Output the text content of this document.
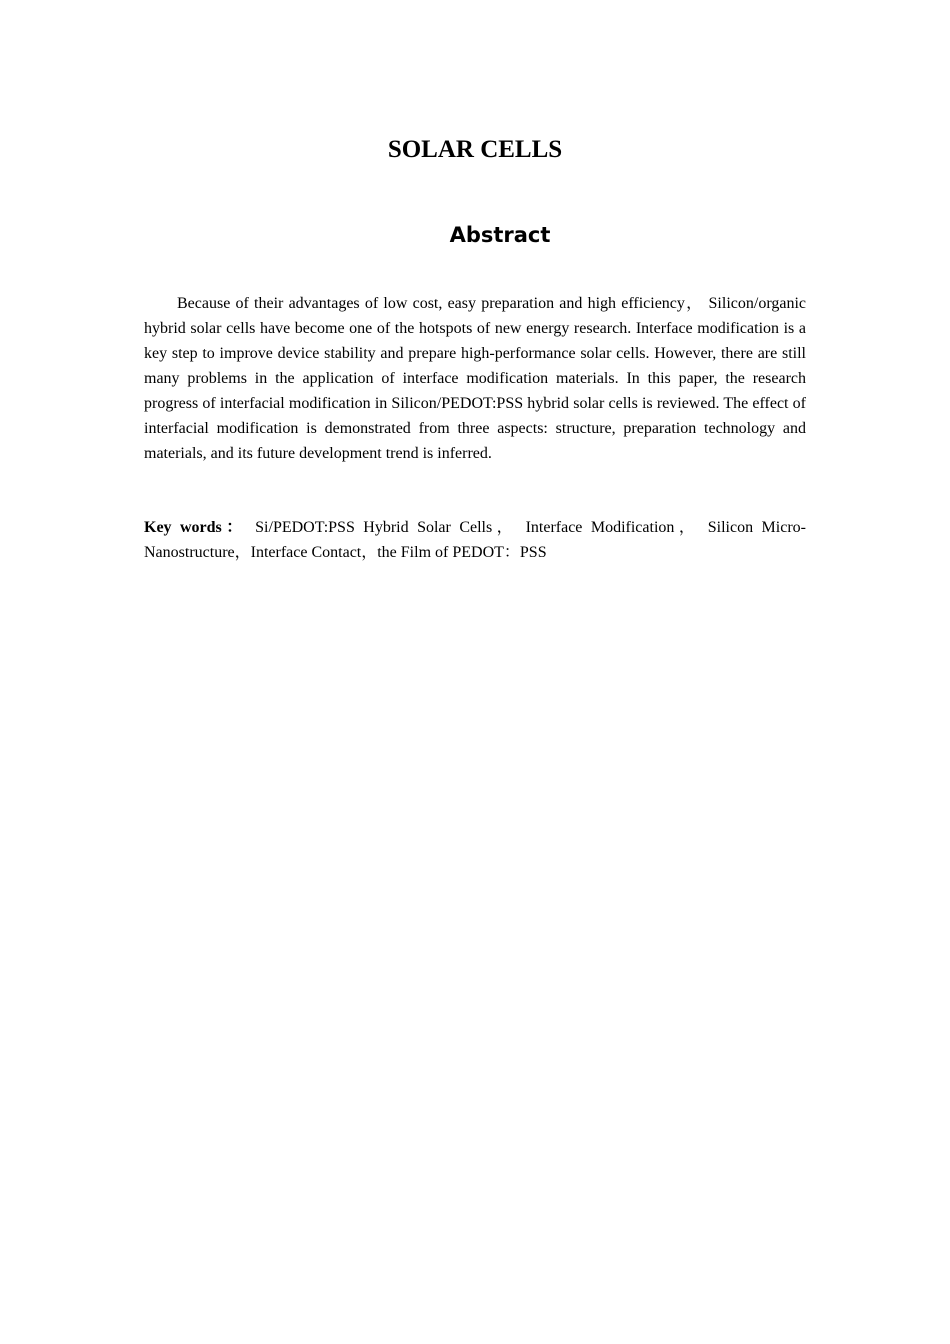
SOLAR CELLS
Abstract

Because of their advantages of low cost, easy preparation and high efficiency， Silicon/organic hybrid solar cells have become one of the hotspots of new energy research. Interface modification is a key step to improve device stability and prepare high-performance solar cells. However, there are still many problems in the application of interface modification materials. In this paper, the research progress of interfacial modification in Silicon/PEDOT:PSS hybrid solar cells is reviewed. The effect of interfacial modification is demonstrated from three aspects: structure, preparation technology and materials, and its future development trend is inferred.

Key words： Si/PEDOT:PSS Hybrid Solar Cells， Interface Modification， Silicon Micro-Nanostructure，Interface Contact，the Film of PEDOT：PSS
